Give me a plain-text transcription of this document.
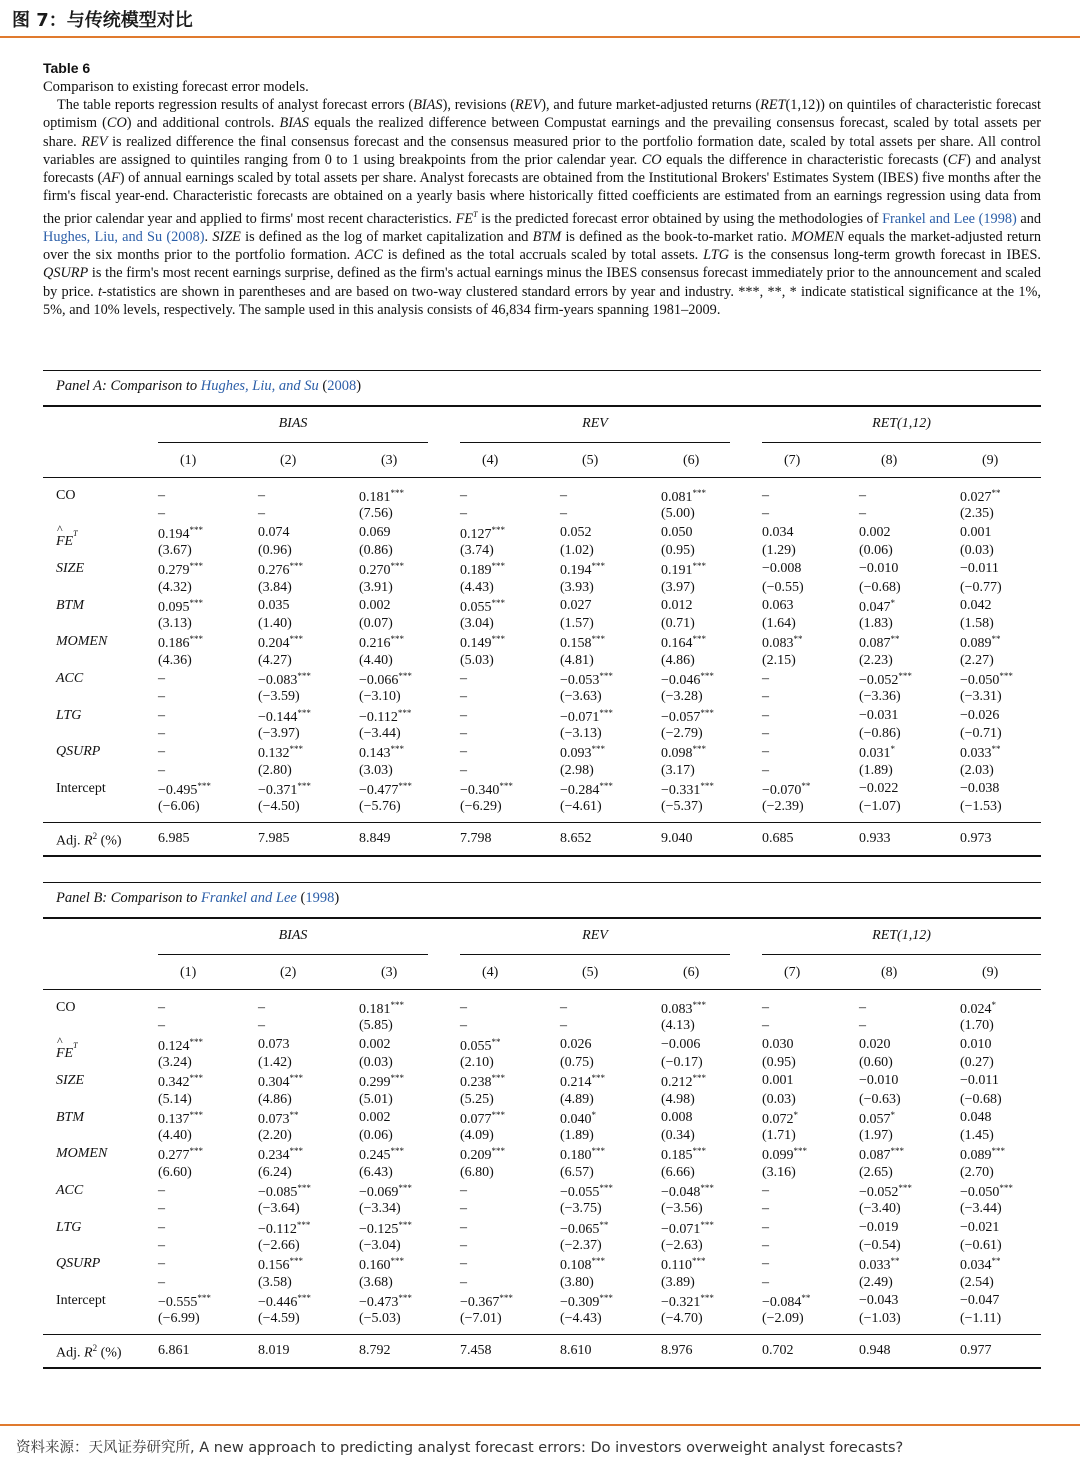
图 7：与传统模型对比
Table 6
Comparison to existing forecast error models.
The table reports regression results of analyst forecast errors (BIAS), revisions (REV), and future market-adjusted returns (RET(1,12)) on quintiles of characteristic forecast optimism (CO) and additional controls. BIAS equals the realized difference between Compustat earnings and the prevailing consensus forecast, scaled by total assets per share. REV is realized difference the final consensus forecast and the consensus measured prior to the portfolio formation date, scaled by total assets per share. All control variables are assigned to quintiles ranging from 0 to 1 using breakpoints from the prior calendar year. CO equals the difference in characteristic forecasts (CF) and analyst forecasts (AF) of annual earnings scaled by total assets per share. Analyst forecasts are obtained from the Institutional Brokers' Estimates System (IBES) five months after the firm's fiscal year-end. Characteristic forecasts are obtained on a yearly basis where historically fitted coefficients are estimated from an earnings regression using data from the prior calendar year and applied to firms' most recent characteristics. $FE^T$ is the predicted forecast error obtained by using the methodologies of Frankel and Lee (1998) and Hughes, Liu, and Su (2008). SIZE is defined as the log of market capitalization and BTM is defined as the book-to-market ratio. MOMEN equals the market-adjusted return over the six months prior to the portfolio formation. ACC is defined as the total accruals scaled by total assets. LTG is the consensus long-term growth forecast in IBES. QSURP is the firm's most recent earnings surprise, defined as the firm's actual earnings minus the IBES consensus forecast immediately prior to the announcement and scaled by price. t-statistics are shown in parentheses and are based on two-way clustered standard errors by year and industry. ***, **, * indicate statistical significance at the 1%, 5%, and 10% levels, respectively. The sample used in this analysis consists of 46,834 firm-years spanning 1981–2009.
Panel A: Comparison to Hughes, Liu, and Su (2008)
BIAS	REV	RET(1,12)
(1)	(2)	(3)	(4)	(5)	(6)	(7)	(8)	(9)
CO	–	–	0.181***	–	–	0.081***	–	–	0.027**
–	–	(7.56)	–	–	(5.00)	–	–	(2.35)
^
$FE^T$	0.194***	0.074	0.069	0.127***	0.052	0.050	0.034	0.002	0.001
(3.67)	(0.96)	(0.86)	(3.74)	(1.02)	(0.95)	(1.29)	(0.06)	(0.03)
SIZE	0.279***	0.276***	0.270***	0.189***	0.194***	0.191***	−0.008	−0.010	−0.011
(4.32)	(3.84)	(3.91)	(4.43)	(3.93)	(3.97)	(−0.55)	(−0.68)	(−0.77)
BTM	0.095***	0.035	0.002	0.055***	0.027	0.012	0.063	0.047*	0.042
(3.13)	(1.40)	(0.07)	(3.04)	(1.57)	(0.71)	(1.64)	(1.83)	(1.58)
MOMEN	0.186***	0.204***	0.216***	0.149***	0.158***	0.164***	0.083**	0.087**	0.089**
(4.36)	(4.27)	(4.40)	(5.03)	(4.81)	(4.86)	(2.15)	(2.23)	(2.27)
ACC	–	−0.083***	−0.066***	–	−0.053***	−0.046***	–	−0.052***	−0.050***
–	(−3.59)	(−3.10)	–	(−3.63)	(−3.28)	–	(−3.36)	(−3.31)
LTG	–	−0.144***	−0.112***	–	−0.071***	−0.057***	–	−0.031	−0.026
–	(−3.97)	(−3.44)	–	(−3.13)	(−2.79)	–	(−0.86)	(−0.71)
QSURP	–	0.132***	0.143***	–	0.093***	0.098***	–	0.031*	0.033**
–	(2.80)	(3.03)	–	(2.98)	(3.17)	–	(1.89)	(2.03)
Intercept	−0.495***	−0.371***	−0.477***	−0.340***	−0.284***	−0.331***	−0.070**	−0.022	−0.038
(−6.06)	(−4.50)	(−5.76)	(−6.29)	(−4.61)	(−5.37)	(−2.39)	(−1.07)	(−1.53)
Adj. $R^2$ (%)	6.985	7.985	8.849	7.798	8.652	9.040	0.685	0.933	0.973
Panel B: Comparison to Frankel and Lee (1998)
BIAS	REV	RET(1,12)
(1)	(2)	(3)	(4)	(5)	(6)	(7)	(8)	(9)
CO	–	–	0.181***	–	–	0.083***	–	–	0.024*
–	–	(5.85)	–	–	(4.13)	–	–	(1.70)
^
$FE^T$	0.124***	0.073	0.002	0.055**	0.026	−0.006	0.030	0.020	0.010
(3.24)	(1.42)	(0.03)	(2.10)	(0.75)	(−0.17)	(0.95)	(0.60)	(0.27)
SIZE	0.342***	0.304***	0.299***	0.238***	0.214***	0.212***	0.001	−0.010	−0.011
(5.14)	(4.86)	(5.01)	(5.25)	(4.89)	(4.98)	(0.03)	(−0.63)	(−0.68)
BTM	0.137***	0.073**	0.002	0.077***	0.040*	0.008	0.072*	0.057*	0.048
(4.40)	(2.20)	(0.06)	(4.09)	(1.89)	(0.34)	(1.71)	(1.97)	(1.45)
MOMEN	0.277***	0.234***	0.245***	0.209***	0.180***	0.185***	0.099***	0.087***	0.089***
(6.60)	(6.24)	(6.43)	(6.80)	(6.57)	(6.66)	(3.16)	(2.65)	(2.70)
ACC	–	−0.085***	−0.069***	–	−0.055***	−0.048***	–	−0.052***	−0.050***
–	(−3.64)	(−3.34)	–	(−3.75)	(−3.56)	–	(−3.40)	(−3.44)
LTG	–	−0.112***	−0.125***	–	−0.065**	−0.071***	–	−0.019	−0.021
–	(−2.66)	(−3.04)	–	(−2.37)	(−2.63)	–	(−0.54)	(−0.61)
QSURP	–	0.156***	0.160***	–	0.108***	0.110***	–	0.033**	0.034**
–	(3.58)	(3.68)	–	(3.80)	(3.89)	–	(2.49)	(2.54)
Intercept	−0.555***	−0.446***	−0.473***	−0.367***	−0.309***	−0.321***	−0.084**	−0.043	−0.047
(−6.99)	(−4.59)	(−5.03)	(−7.01)	(−4.43)	(−4.70)	(−2.09)	(−1.03)	(−1.11)
Adj. $R^2$ (%)	6.861	8.019	8.792	7.458	8.610	8.976	0.702	0.948	0.977
资料来源：天风证券研究所, A new approach to predicting analyst forecast errors: Do investors overweight analyst forecasts?
